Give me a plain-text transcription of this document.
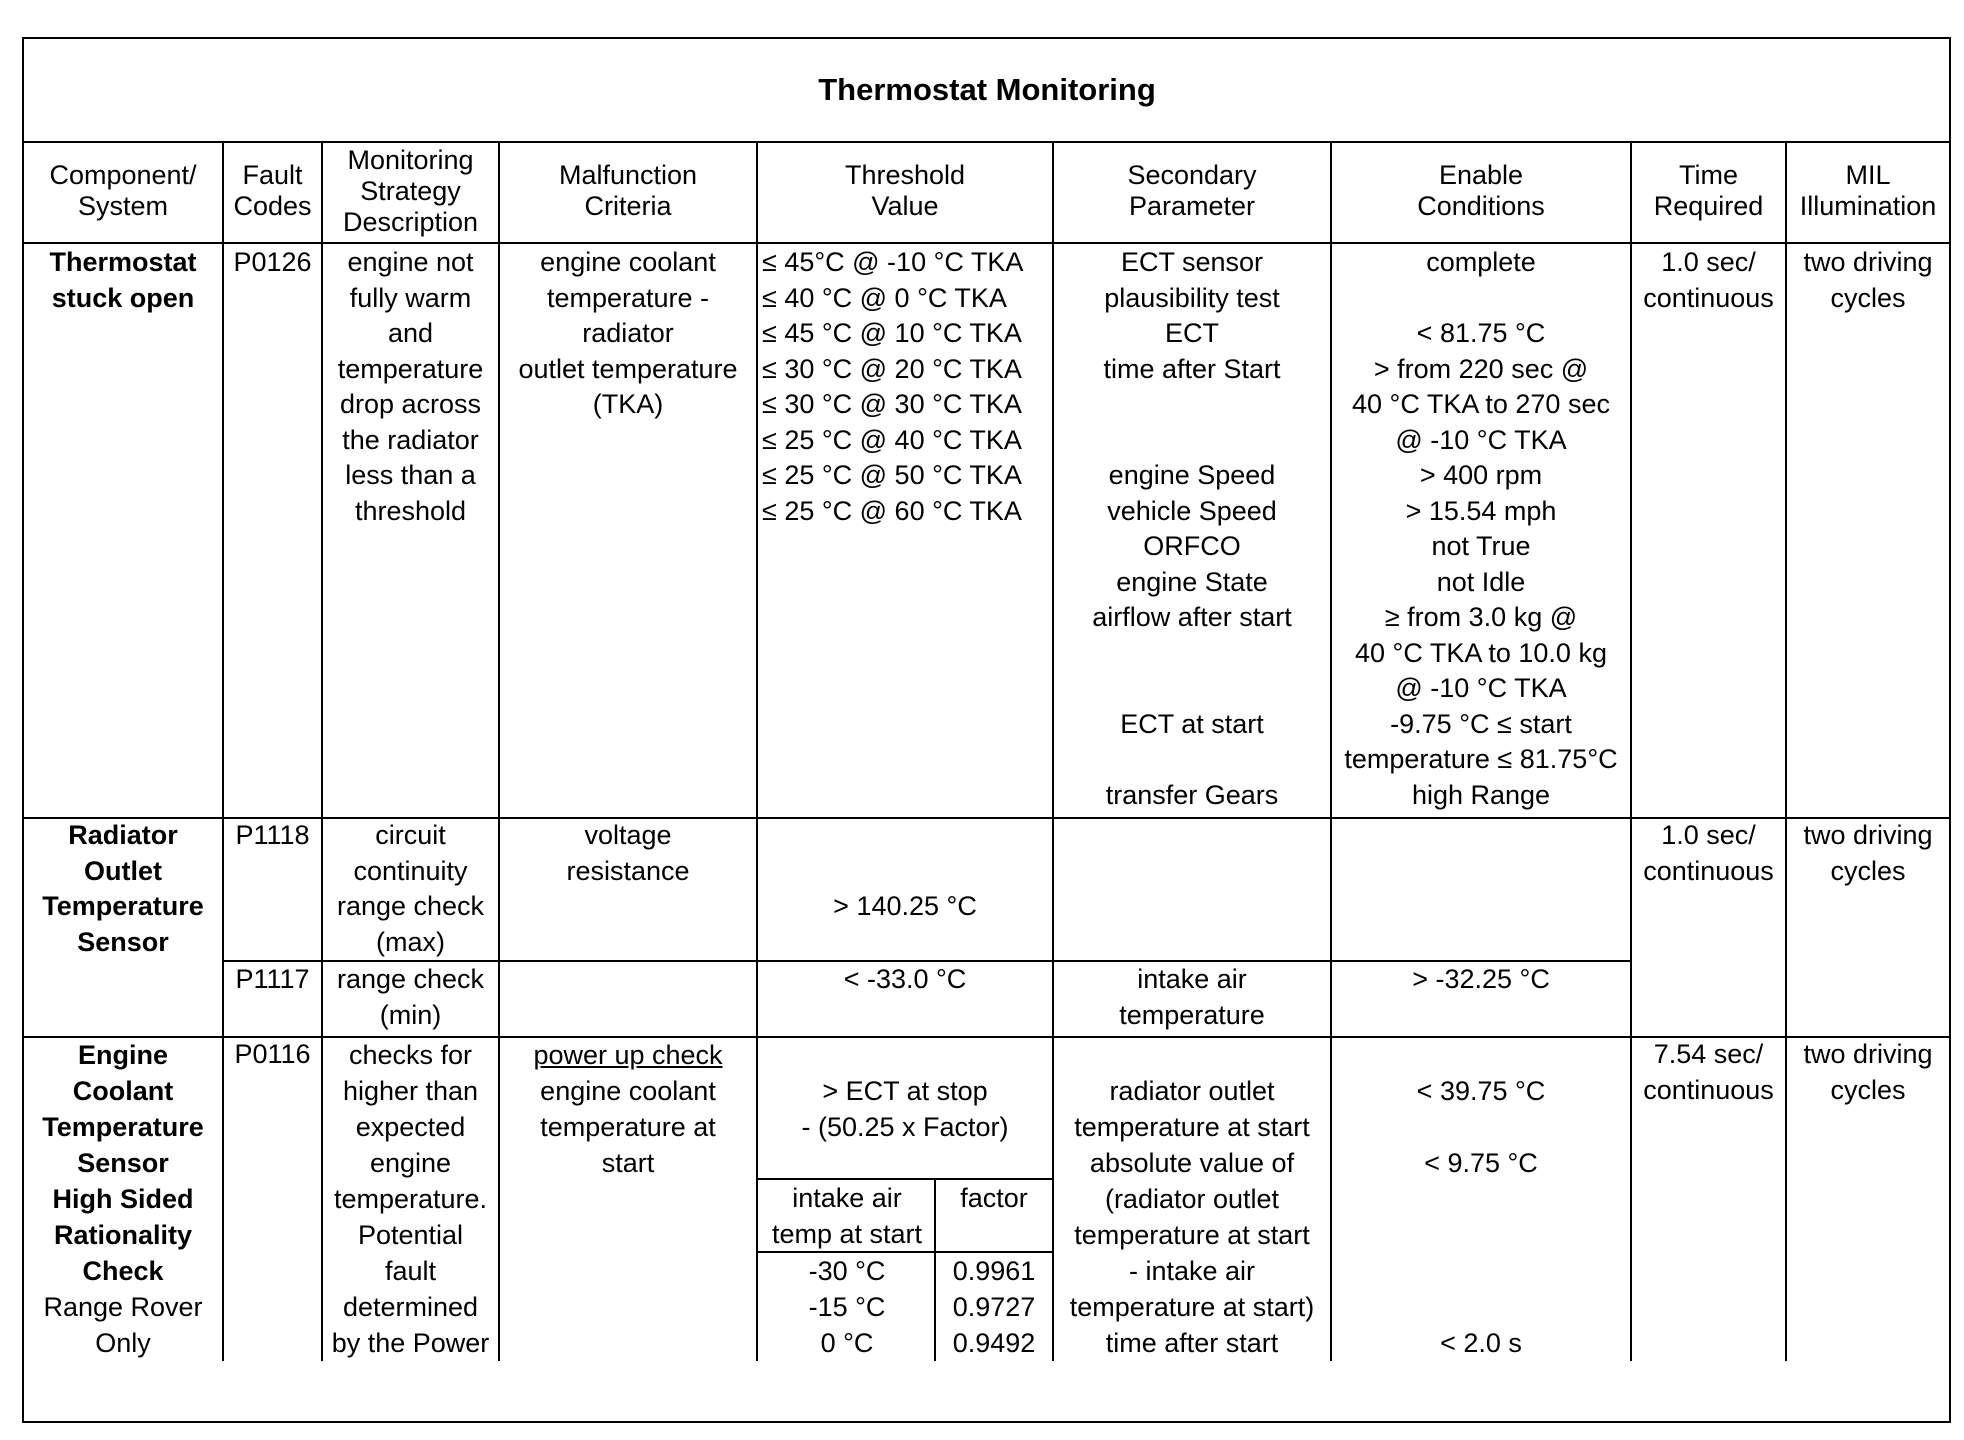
Thermostat Monitoring
Component/
System
Fault
Codes
Monitoring
Strategy
Description
Malfunction
Criteria
Threshold
Value
Secondary
Parameter
Enable
Conditions
Time
Required
MIL
Illumination
Thermostat
stuck open
P0126 engine not
fully warm
and
temperature
drop across
the radiator
less than a
threshold
engine coolant
temperature -
radiator
outlet temperature
(TKA)
≤ 45°C @ -10 °C TKA
≤ 40 °C @ 0 °C TKA
≤ 45 °C @ 10 °C TKA
≤ 30 °C @ 20 °C TKA
≤ 30 °C @ 30 °C TKA
≤ 25 °C @ 40 °C TKA
≤ 25 °C @ 50 °C TKA
≤ 25 °C @ 60 °C TKA
ECT sensor
plausibility test
ECT
time after Start
engine Speed
vehicle Speed
ORFCO
engine State
airflow after start
ECT at start
transfer Gears
complete
< 81.75 °C
> from 220 sec @
40 °C TKA to 270 sec
@ -10 °C TKA
> 400 rpm
> 15.54 mph
not True
not Idle
≥ from 3.0 kg @
40 °C TKA to 10.0 kg
@ -10 °C TKA
-9.75 °C ≤ start
temperature ≤ 81.75°C
high Range
1.0 sec/
continuous
two driving
cycles
Radiator
Outlet
Temperature
Sensor
P1118 circuit
continuity
range check
(max)
voltage
resistance
> 140.25 °C
1.0 sec/
continuous
two driving
cycles
P1117 range check
(min)
< -33.0 °C	intake air
temperature
> -32.25 °C
Engine
Coolant
Temperature
Sensor
High Sided
Rationality
Check
Range Rover
Only
P0116 checks for
higher than
expected
engine
temperature.
Potential
fault
determined
by the Power
power up check
engine coolant
temperature at
start
> ECT at stop
- (50.25 x Factor)
intake air
temp at start
factor
-30 °C
-15 °C
0 °C
0.9961
0.9727
0.9492
radiator outlet
temperature at start
absolute value of
(radiator outlet
temperature at start
- intake air
temperature at start)
time after start
< 39.75 °C
< 9.75 °C
< 2.0 s
7.54 sec/
continuous
two driving
cycles
